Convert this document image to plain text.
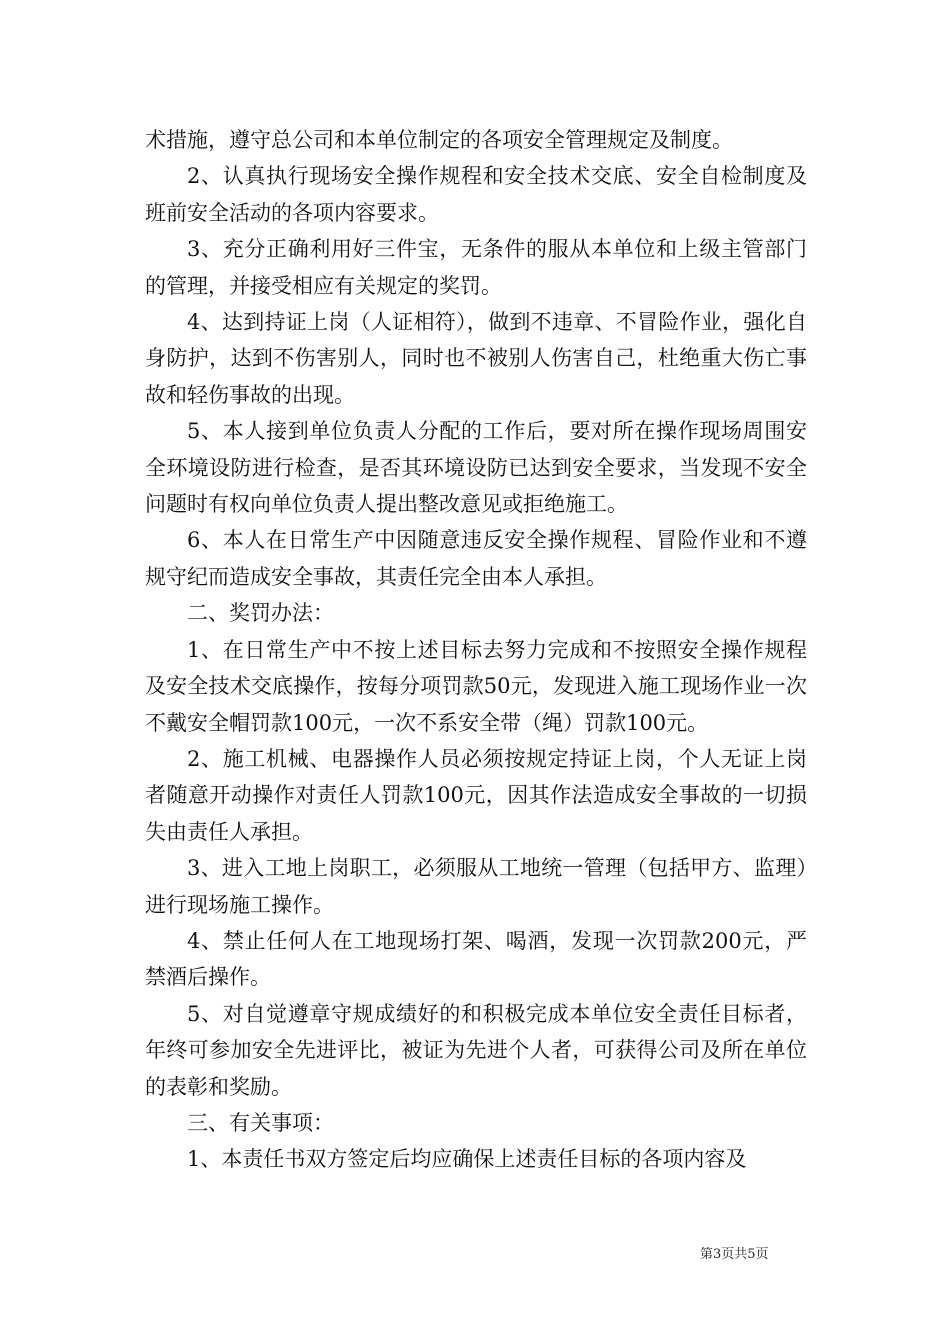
术措施，遵守总公司和本单位制定的各项安全管理规定及制度。

2、认真执行现场安全操作规程和安全技术交底、安全自检制度及班前安全活动的各项内容要求。

3、充分正确利用好三件宝，无条件的服从本单位和上级主管部门的管理，并接受相应有关规定的奖罚。

4、达到持证上岗（人证相符），做到不违章、不冒险作业，强化自身防护，达到不伤害别人，同时也不被别人伤害自己，杜绝重大伤亡事故和轻伤事故的出现。

5、本人接到单位负责人分配的工作后，要对所在操作现场周围安全环境设防进行检查，是否其环境设防已达到安全要求，当发现不安全问题时有权向单位负责人提出整改意见或拒绝施工。

6、本人在日常生产中因随意违反安全操作规程、冒险作业和不遵规守纪而造成安全事故，其责任完全由本人承担。

二、奖罚办法：

1、在日常生产中不按上述目标去努力完成和不按照安全操作规程及安全技术交底操作，按每分项罚款50元，发现进入施工现场作业一次不戴安全帽罚款100元，一次不系安全带（绳）罚款100元。

2、施工机械、电器操作人员必须按规定持证上岗，个人无证上岗者随意开动操作对责任人罚款100元，因其作法造成安全事故的一切损失由责任人承担。

3、进入工地上岗职工，必须服从工地统一管理（包括甲方、监理）进行现场施工操作。

4、禁止任何人在工地现场打架、喝酒，发现一次罚款200元，严禁酒后操作。

5、对自觉遵章守规成绩好的和积极完成本单位安全责任目标者，年终可参加安全先进评比，被证为先进个人者，可获得公司及所在单位的表彰和奖励。

三、有关事项：

1、本责任书双方签定后均应确保上述责任目标的各项内容及

第3页共5页
